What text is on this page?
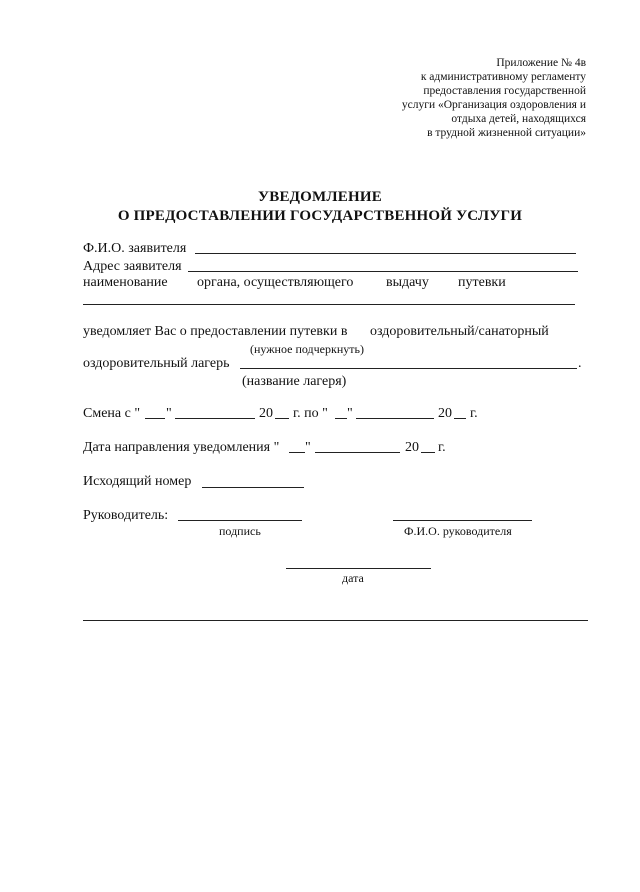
Приложение № 4в
к административному регламенту
предоставления государственной
услуги «Организация оздоровления и
отдыха детей, находящихся
в трудной жизненной ситуации»
УВЕДОМЛЕНИЕ
О ПРЕДОСТАВЛЕНИИ ГОСУДАРСТВЕННОЙ УСЛУГИ
Ф.И.О. заявителя
Адрес заявителя
наименование органа, осуществляющего выдачу путевки
уведомляет Вас о предоставлении путевки в оздоровительный/санаторный
(нужное подчеркнуть)
оздоровительный лагерь	.
(название лагеря)
Смена с " "	20 г. по " "	20 г.
Дата направления уведомления " "	20 г.
Исходящий номер
Руководитель:
подпись	Ф.И.О. руководителя
дата
